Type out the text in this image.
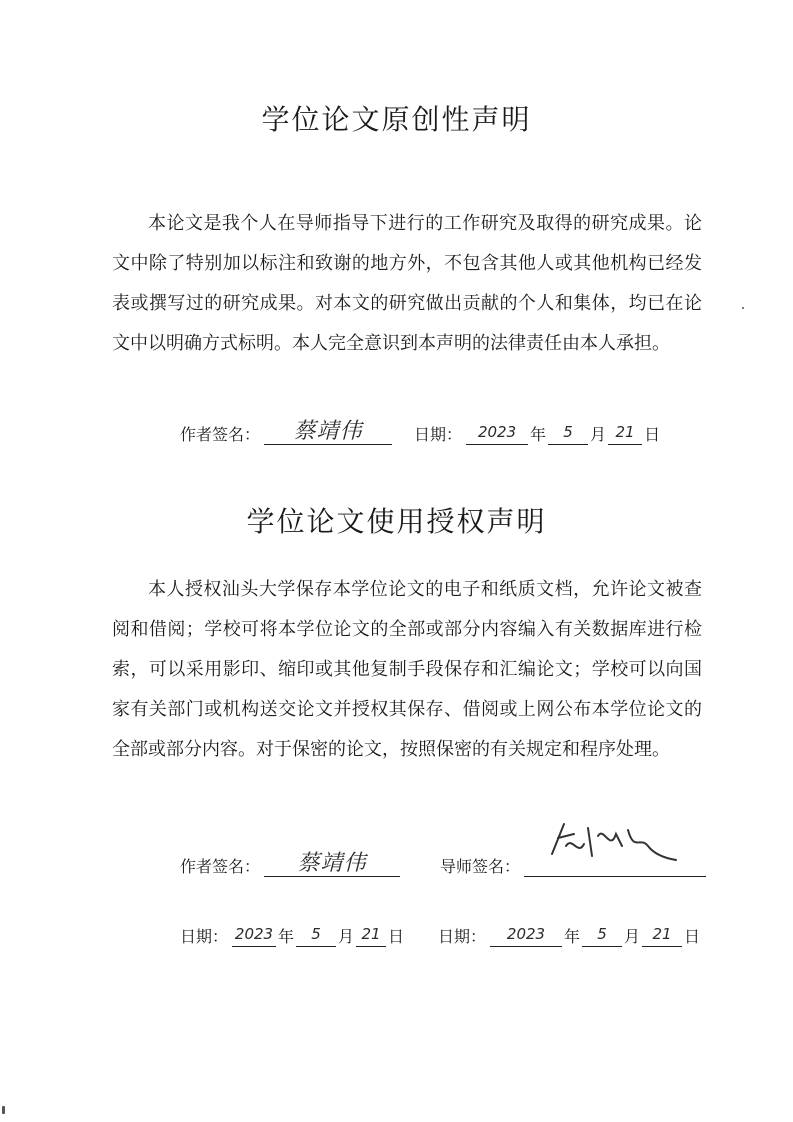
学位论文原创性声明
本论文是我个人在导师指导下进行的工作研究及取得的研究成果。论文中除了特别加以标注和致谢的地方外，不包含其他人或其他机构已经发表或撰写过的研究成果。对本文的研究做出贡献的个人和集体，均已在论文中以明确方式标明。本人完全意识到本声明的法律责任由本人承担。
作者签名：	蔡靖伟	日期：	2023 年	5	月 21 日
学位论文使用授权声明
本人授权汕头大学保存本学位论文的电子和纸质文档，允许论文被查阅和借阅；学校可将本学位论文的全部或部分内容编入有关数据库进行检索，可以采用影印、缩印或其他复制手段保存和汇编论文；学校可以向国家有关部门或机构送交论文并授权其保存、借阅或上网公布本学位论文的全部或部分内容。对于保密的论文，按照保密的有关规定和程序处理。
作者签名：	蔡靖伟	导师签名：
日期： 2023 年	5	月 21 日 日期：	2023	年	5	月 21 日
